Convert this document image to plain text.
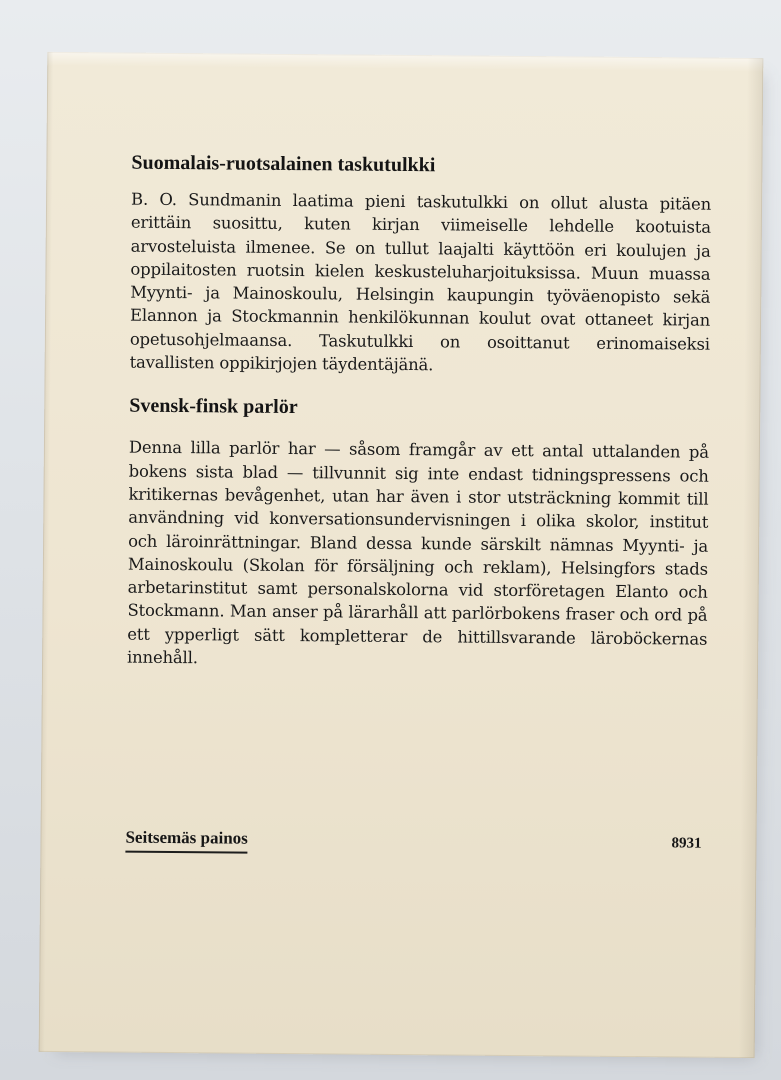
Suomalais-ruotsalainen taskutulkki

B. O. Sundmanin laatima pieni taskutulkki on ollut alusta pitäen erittäin suosittu, kuten kirjan viimeiselle lehdelle kootuista arvosteluista ilmenee. Se on tullut laajalti käyttöön eri koulujen ja oppilaitosten ruotsin kielen keskusteluharjoituksissa. Muun muassa Myynti- ja Mainoskoulu, Helsingin kaupungin työväenopisto sekä Elannon ja Stockmannin henkilökunnan koulut ovat ottaneet kirjan opetusohjelmaansa. Taskutulkki on osoittanut erinomaiseksi tavallisten oppikirjojen täydentäjänä.

Svensk-finsk parlör

Denna lilla parlör har — såsom framgår av ett antal uttalanden på bokens sista blad — tillvunnit sig inte endast tidningspressens och kritikernas bevågenhet, utan har även i stor utsträckning kommit till användning vid konversationsundervisningen i olika skolor, institut och läroinrättningar. Bland dessa kunde särskilt nämnas Myynti- ja Mainoskoulu (Skolan för försäljning och reklam), Helsingfors stads arbetarinstitut samt personalskolorna vid storföretagen Elanto och Stockmann. Man anser på lärarhåll att parlörbokens fraser och ord på ett ypperligt sätt kompletterar de hittillsvarande läroböckernas innehåll.

Seitsemäs painos	8931
